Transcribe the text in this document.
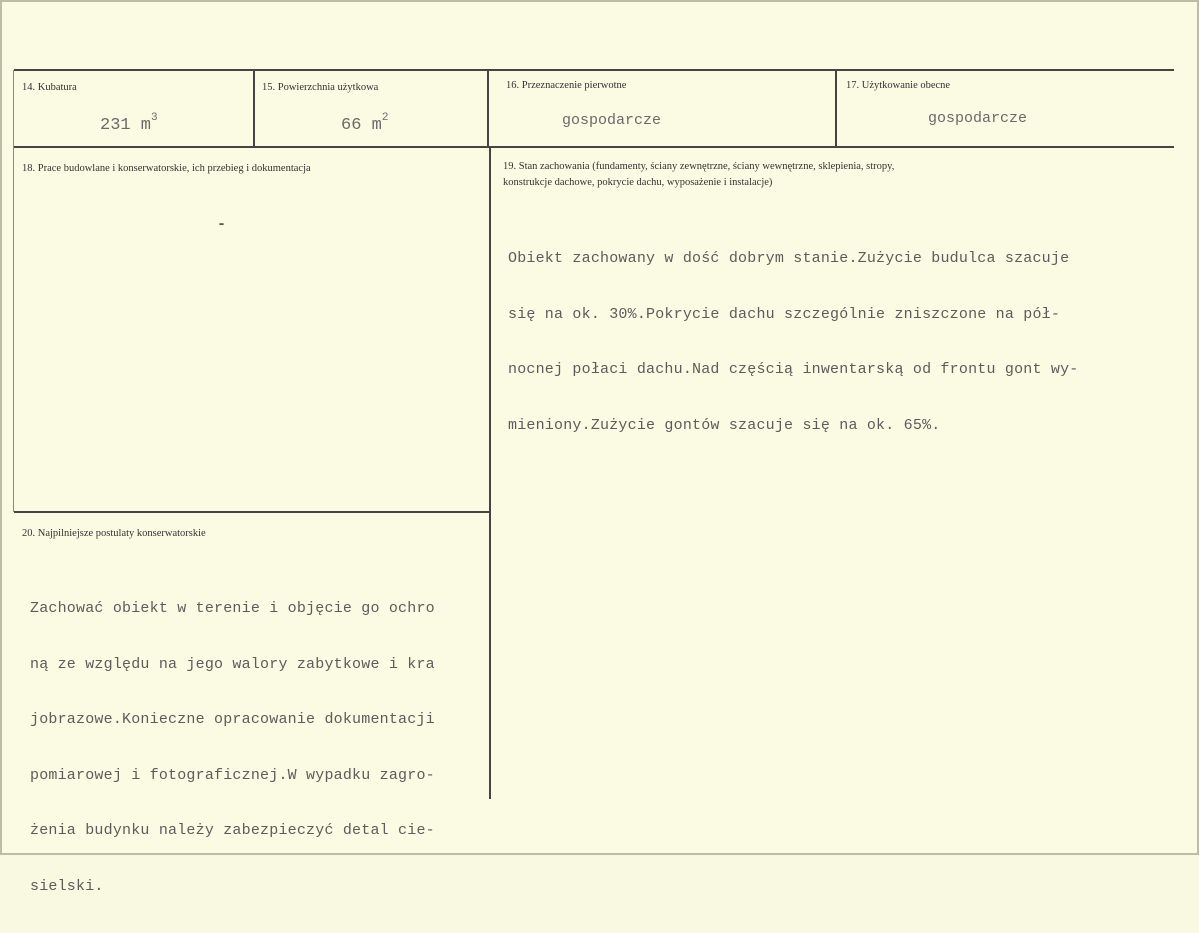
14. Kubatura
231 $m^3$
15. Powierzchnia użytkowa
66 $m^2$
16. Przeznaczenie pierwotne
gospodarcze
17. Użytkowanie obecne
gospodarcze
18. Prace budowlane i konserwatorskie, ich przebieg i dokumentacja
-
19. Stan zachowania (fundamenty, ściany zewnętrzne, ściany wewnętrzne, sklepienia, stropy,
konstrukcje dachowe, pokrycie dachu, wyposażenie i instalacje)

Obiekt zachowany w dość dobrym stanie.Zużycie budulca szacuje

się na ok. 30%.Pokrycie dachu szczególnie zniszczone na pół-

nocnej połaci dachu.Nad częścią inwentarską od frontu gont wy-

mieniony.Zużycie gontów szacuje się na ok. 65%.

20. Najpilniejsze postulaty konserwatorskie

Zachować obiekt w terenie i objęcie go ochro

ną ze względu na jego walory zabytkowe i kra

jobrazowe.Konieczne opracowanie dokumentacji

pomiarowej i fotograficznej.W wypadku zagro-

żenia budynku należy zabezpieczyć detal cie-

sielski.
